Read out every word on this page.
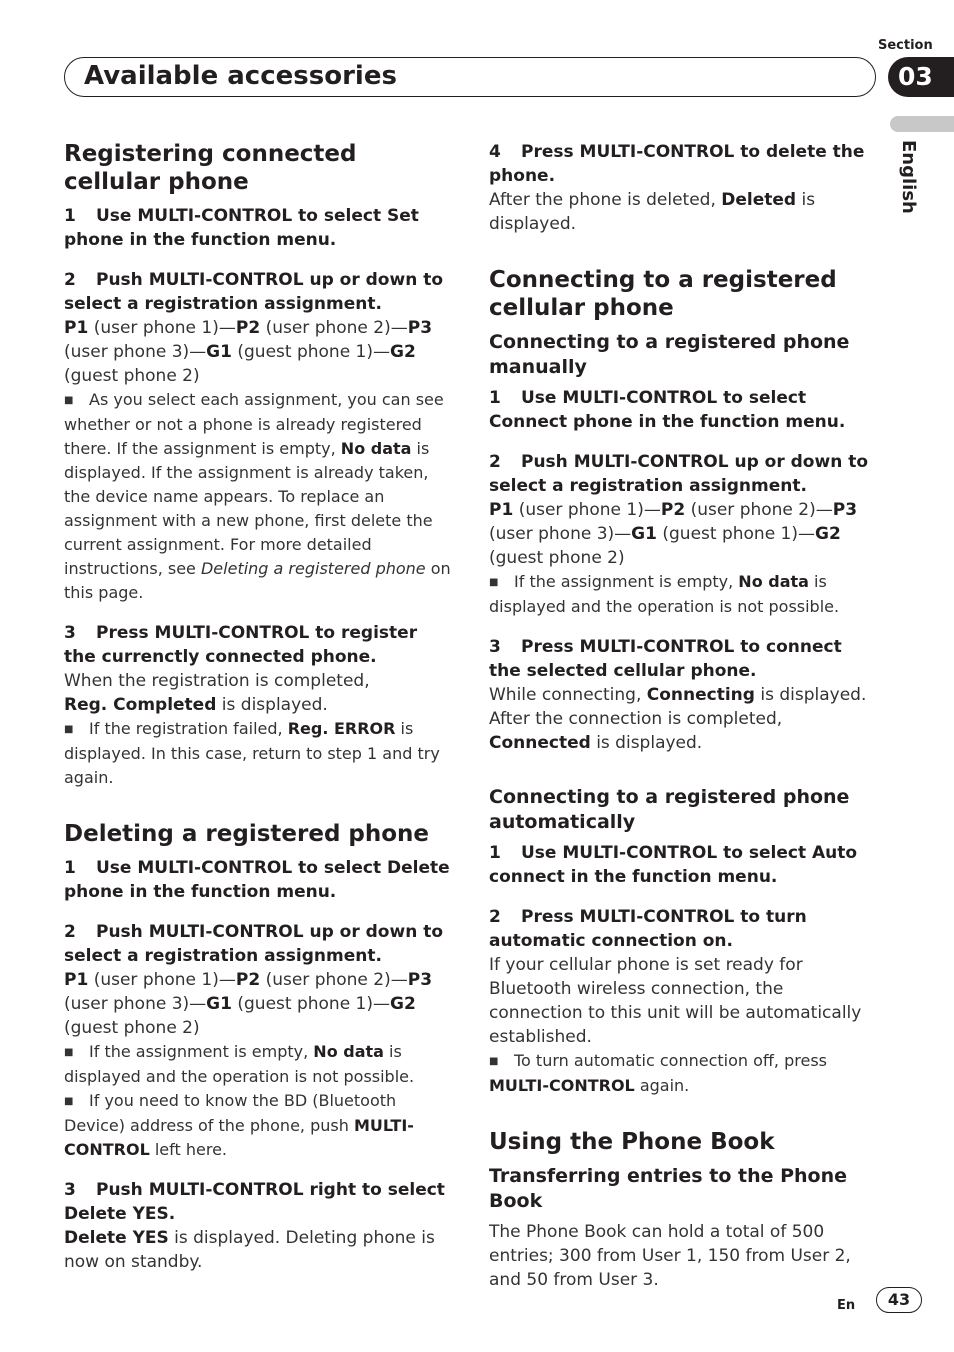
Section
Available accessories	03
English
Registering connected cellular phone
1 Use MULTI-CONTROL to select Set phone in the function menu.
2 Push MULTI-CONTROL up or down to select a registration assignment.

P1 (user phone 1)—P2 (user phone 2)—P3 (user phone 3)—G1 (guest phone 1)—G2 (guest phone 2)

■ As you select each assignment, you can see whether or not a phone is already registered there. If the assignment is empty, No data is displayed. If the assignment is already taken, the device name appears. To replace an assignment with a new phone, first delete the current assignment. For more detailed instructions, see Deleting a registered phone on this page.
3 Press MULTI-CONTROL to register the currenctly connected phone.

When the registration is completed,
Reg. Completed is displayed.

■ If the registration failed, Reg. ERROR is displayed. In this case, return to step 1 and try again.
Deleting a registered phone
1 Use MULTI-CONTROL to select Delete phone in the function menu.
2 Push MULTI-CONTROL up or down to select a registration assignment.

P1 (user phone 1)—P2 (user phone 2)—P3 (user phone 3)—G1 (guest phone 1)—G2 (guest phone 2)

■ If the assignment is empty, No data is displayed and the operation is not possible.
■ If you need to know the BD (Bluetooth Device) address of the phone, push MULTI-CONTROL left here.
3 Push MULTI-CONTROL right to select Delete YES.

Delete YES is displayed. Deleting phone is now on standby.

4 Press MULTI-CONTROL to delete the phone.

After the phone is deleted, Deleted is displayed.

Connecting to a registered cellular phone
Connecting to a registered phone manually
1 Use MULTI-CONTROL to select Connect phone in the function menu.
2 Push MULTI-CONTROL up or down to select a registration assignment.

P1 (user phone 1)—P2 (user phone 2)—P3 (user phone 3)—G1 (guest phone 1)—G2 (guest phone 2)

■ If the assignment is empty, No data is displayed and the operation is not possible.
3 Press MULTI-CONTROL to connect the selected cellular phone.

While connecting, Connecting is displayed. After the connection is completed, Connected is displayed.

Connecting to a registered phone automatically
1 Use MULTI-CONTROL to select Auto connect in the function menu.
2 Press MULTI-CONTROL to turn automatic connection on.

If your cellular phone is set ready for Bluetooth wireless connection, the connection to this unit will be automatically established.

■ To turn automatic connection off, press MULTI-CONTROL again.
Using the Phone Book
Transferring entries to the Phone Book

The Phone Book can hold a total of 500 entries; 300 from User 1, 150 from User 2, and 50 from User 3.

En	43
